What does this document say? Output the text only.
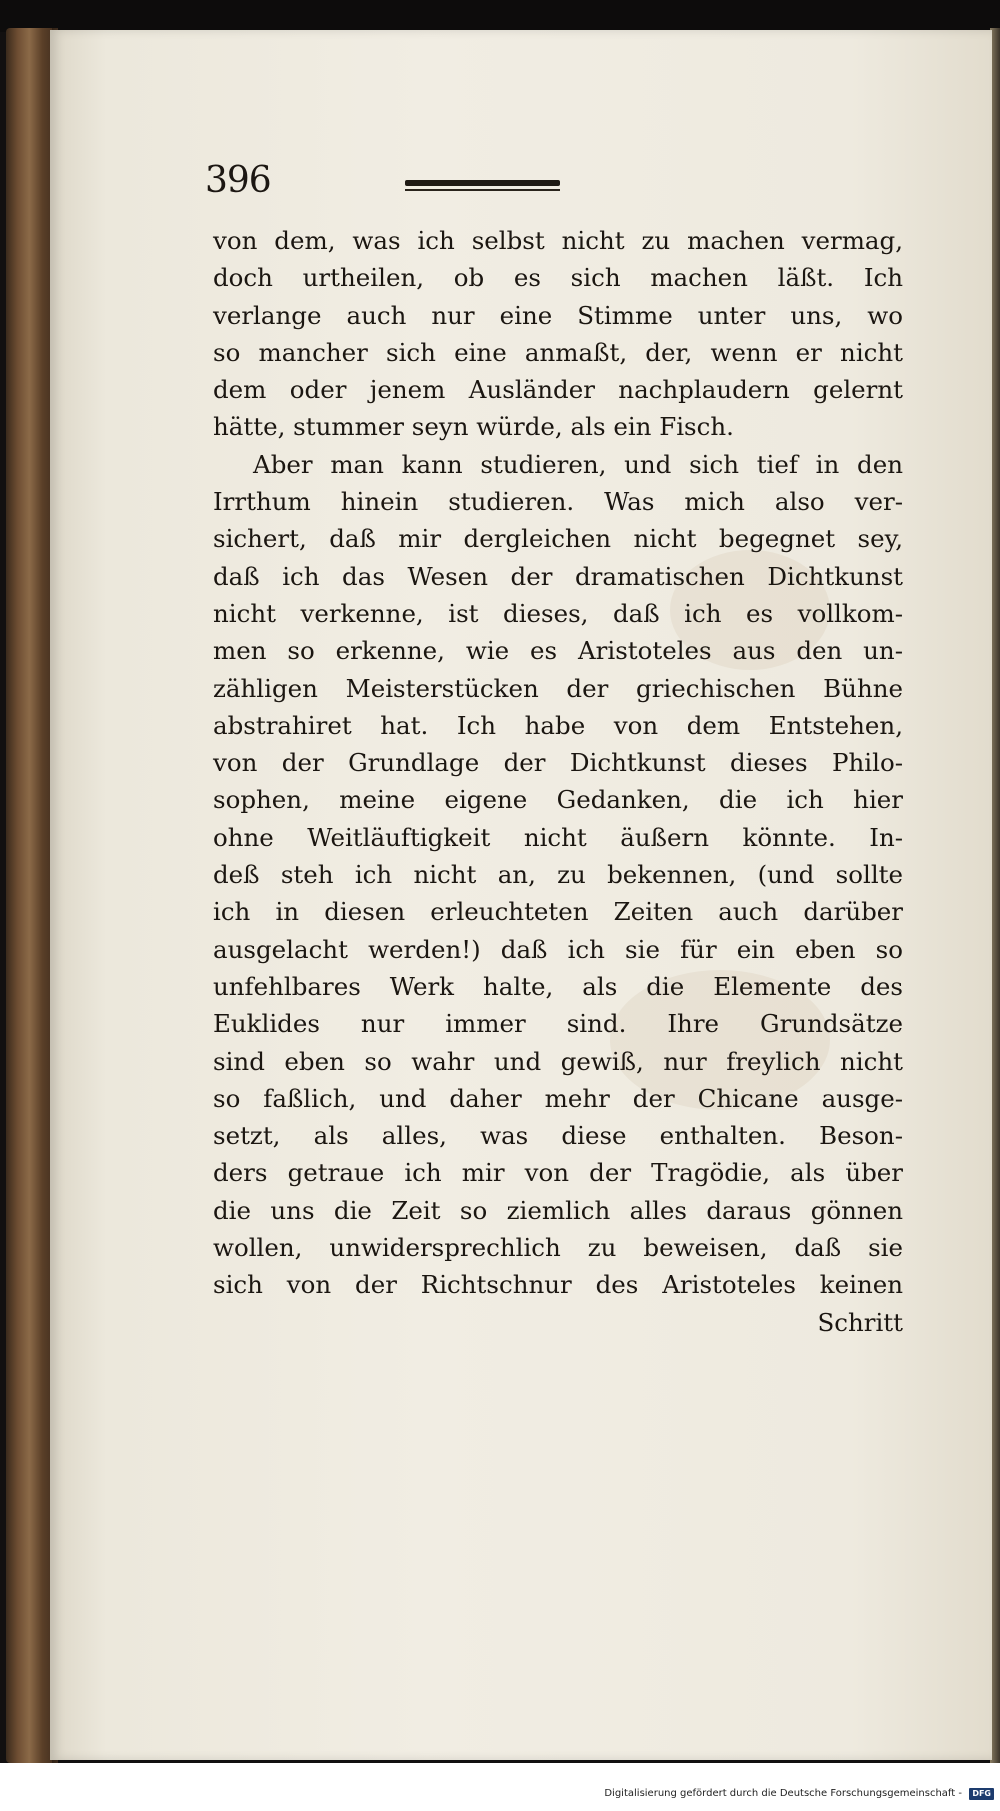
396
von dem, was ich selbst nicht zu machen vermag,
doch urtheilen, ob es sich machen läßt. Ich
verlange auch nur eine Stimme unter uns, wo
so mancher sich eine anmaßt, der, wenn er nicht
dem oder jenem Ausländer nachplaudern gelernt
hätte, stummer seyn würde, als ein Fisch.
Aber man kann studieren, und sich tief in den
Irrthum hinein studieren. Was mich also ver-
sichert, daß mir dergleichen nicht begegnet sey,
daß ich das Wesen der dramatischen Dichtkunst
nicht verkenne, ist dieses, daß ich es vollkom-
men so erkenne, wie es Aristoteles aus den un-
zähligen Meisterstücken der griechischen Bühne
abstrahiret hat. Ich habe von dem Entstehen,
von der Grundlage der Dichtkunst dieses Philo-
sophen, meine eigene Gedanken, die ich hier
ohne Weitläuftigkeit nicht äußern könnte. In-
deß steh ich nicht an, zu bekennen, (und sollte
ich in diesen erleuchteten Zeiten auch darüber
ausgelacht werden!) daß ich sie für ein eben so
unfehlbares Werk halte, als die Elemente des
Euklides nur immer sind. Ihre Grundsätze
sind eben so wahr und gewiß, nur freylich nicht
so faßlich, und daher mehr der Chicane ausge-
setzt, als alles, was diese enthalten. Beson-
ders getraue ich mir von der Tragödie, als über
die uns die Zeit so ziemlich alles daraus gönnen
wollen, unwidersprechlich zu beweisen, daß sie
sich von der Richtschnur des Aristoteles keinen
Schritt
Digitalisierung gefördert durch die Deutsche Forschungsgemeinschaft -	DFG
